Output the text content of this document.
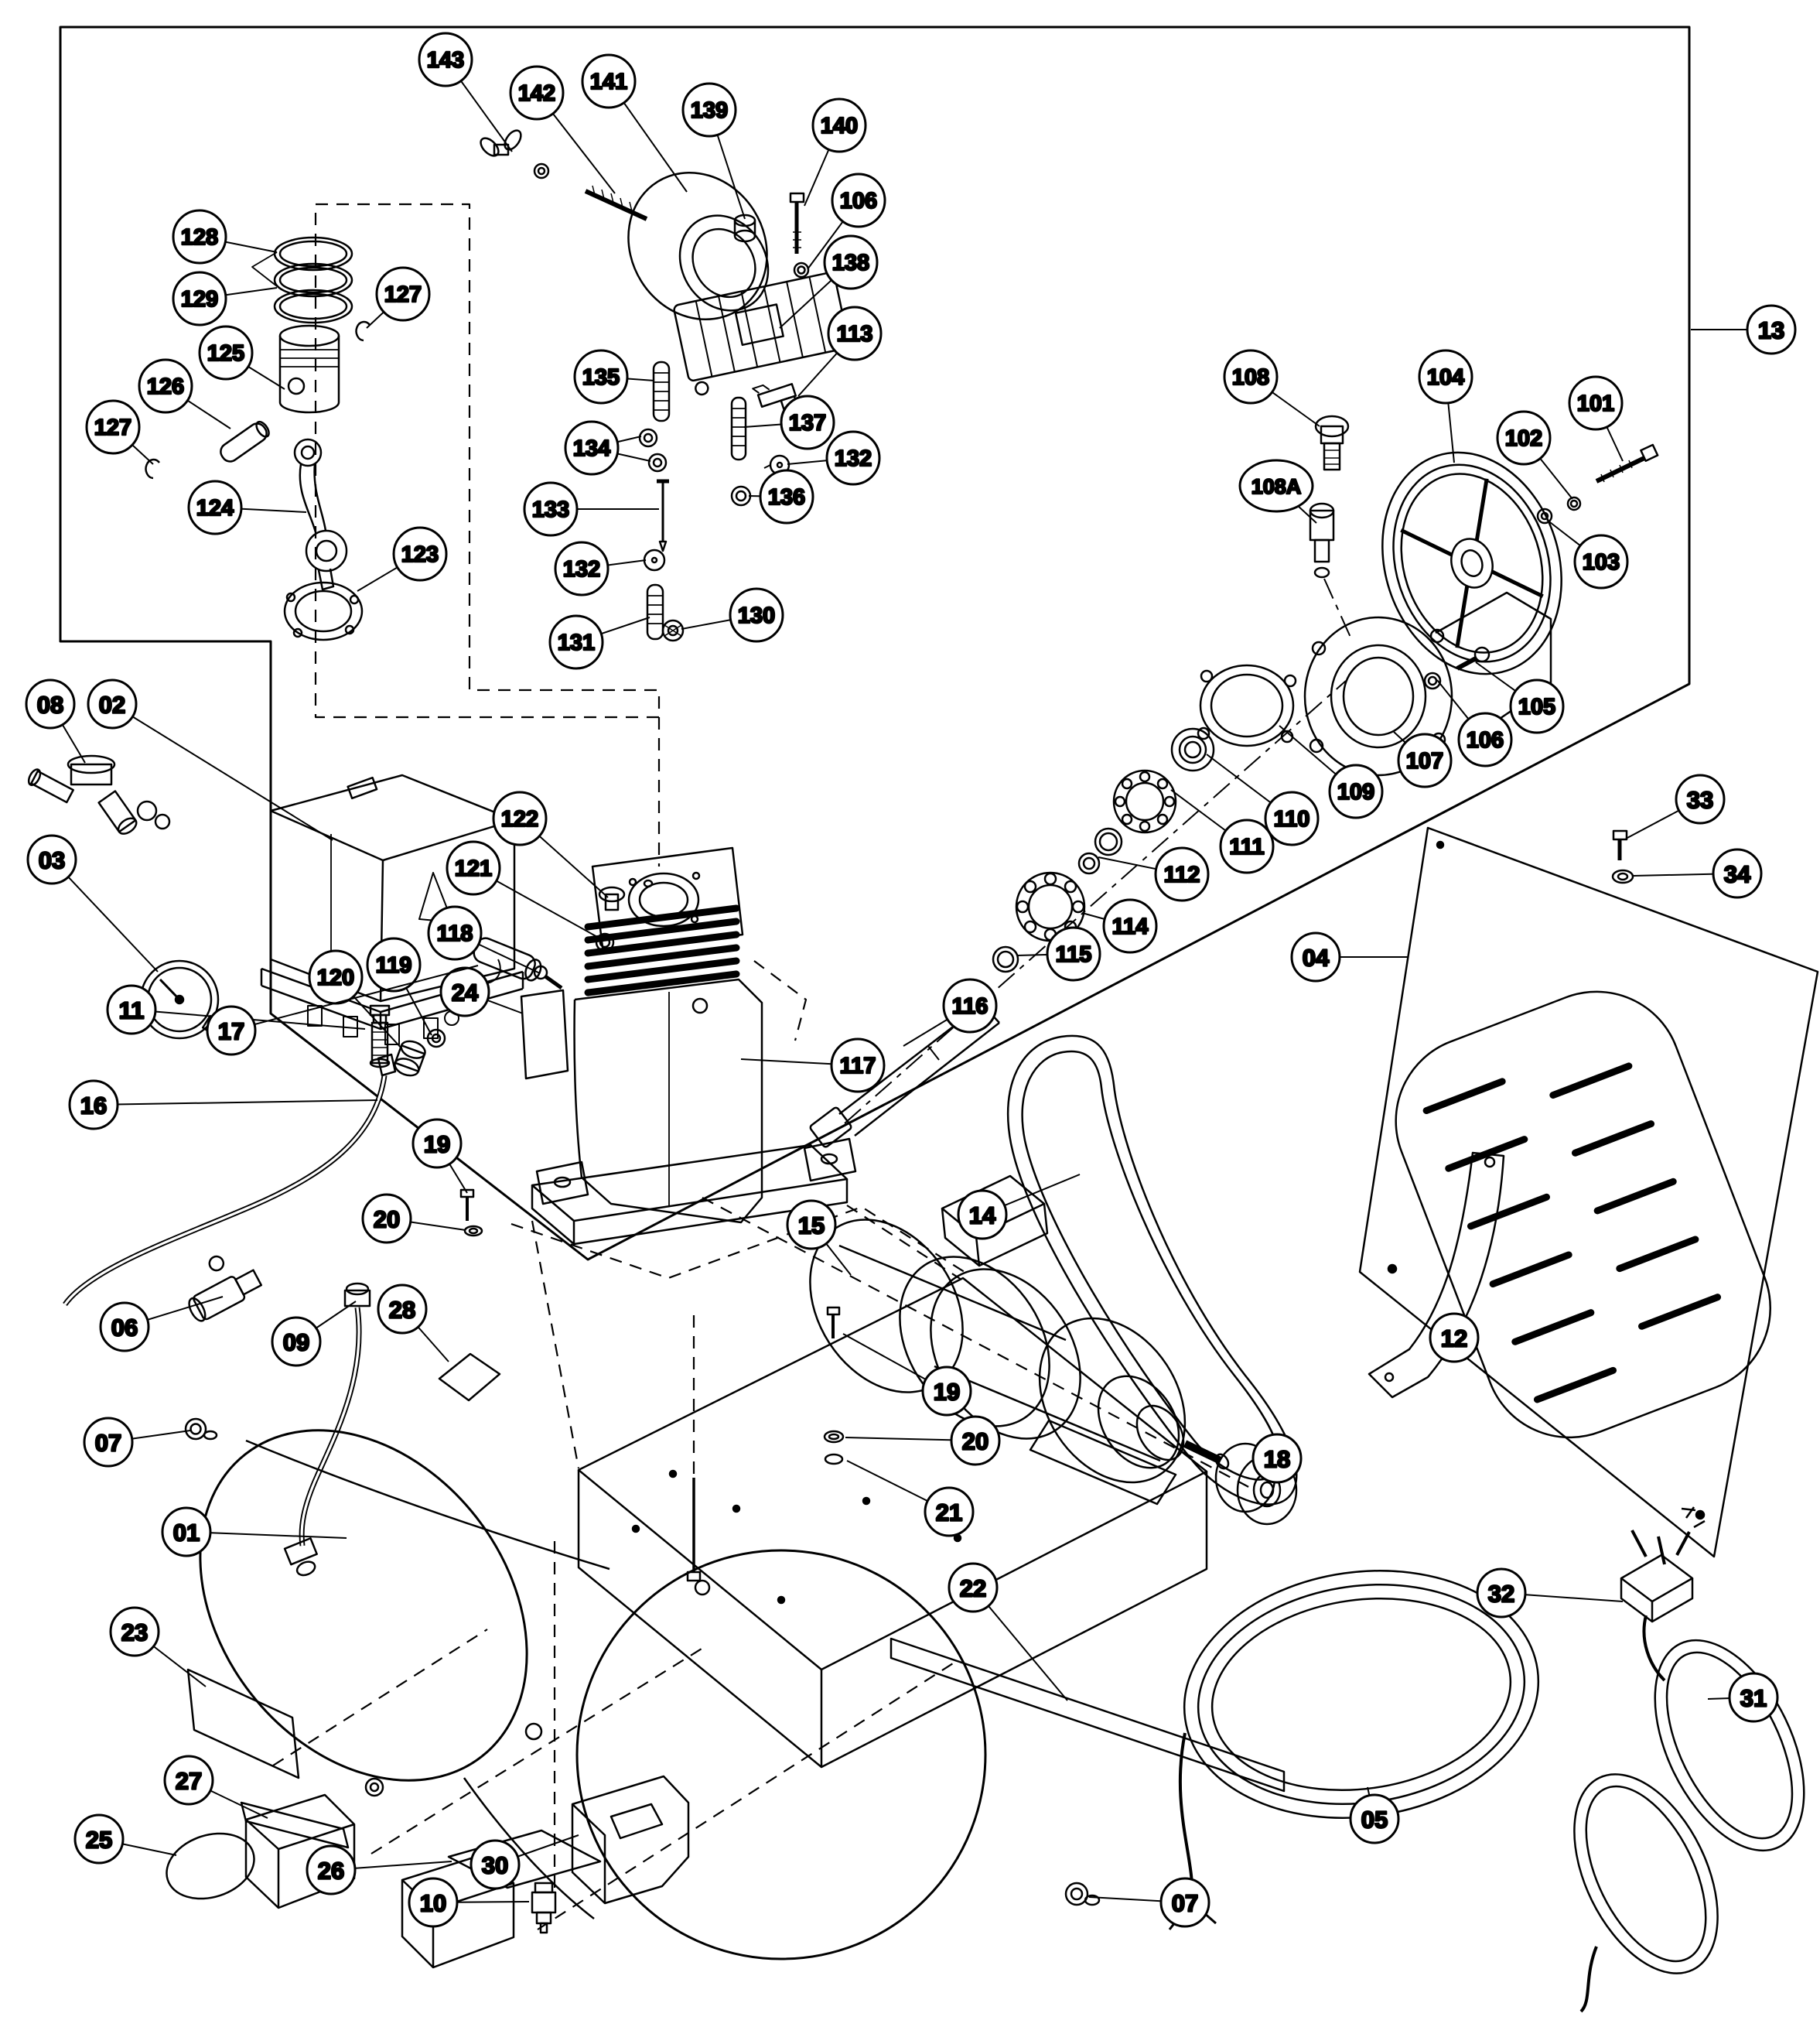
143
142 141
139
140
106
138
113	13
128
129	127
125
126
127
124
123
135
137
134	132
136
133
132
131
130
108	104
101
102
108A
103
105
106
107
109
110
111
112
114
115
116
117
122
121
118
119
120
24
19
20
04
33
34
12
14
18
19
20
21
22
15
28
08 02
03
11
17
16
06
09
07
01
23
27
25
26	30
10
05
07
31
32
